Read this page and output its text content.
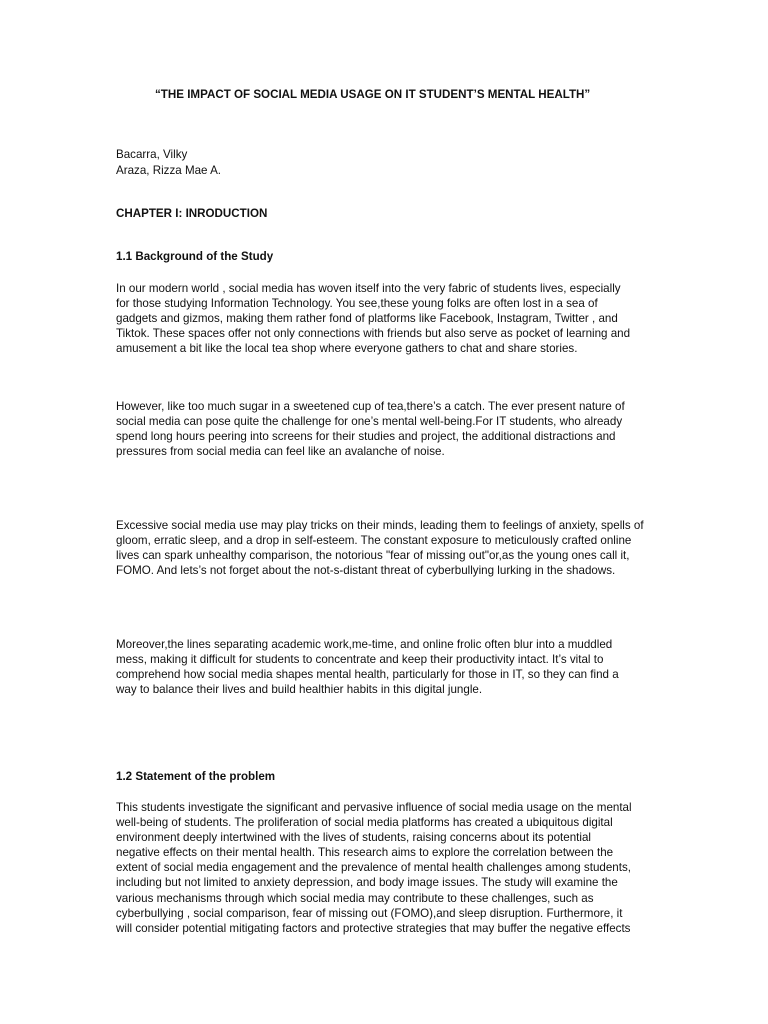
“THE IMPACT OF SOCIAL MEDIA USAGE ON IT STUDENT’S MENTAL HEALTH”
Bacarra, Vilky
Araza, Rizza Mae A.
CHAPTER I: INRODUCTION
1.1 Background of the Study
In our modern world , social media has woven itself into the very fabric of students lives, especially
for those studying Information Technology. You see,these young folks are often lost in a sea of
gadgets and gizmos, making them rather fond of platforms like Facebook, Instagram, Twitter , and
Tiktok. These spaces offer not only connections with friends but also serve as pocket of learning and
amusement a bit like the local tea shop where everyone gathers to chat and share stories.
However, like too much sugar in a sweetened cup of tea,there’s a catch. The ever present nature of
social media can pose quite the challenge for one’s mental well-being.For IT students, who already
spend long hours peering into screens for their studies and project, the additional distractions and
pressures from social media can feel like an avalanche of noise.
Excessive social media use may play tricks on their minds, leading them to feelings of anxiety, spells of
gloom, erratic sleep, and a drop in self-esteem. The constant exposure to meticulously crafted online
lives can spark unhealthy comparison, the notorious "fear of missing out"or,as the young ones call it,
FOMO. And lets’s not forget about the not-s-distant threat of cyberbullying lurking in the shadows.
Moreover,the lines separating academic work,me-time, and online frolic often blur into a muddled
mess, making it difficult for students to concentrate and keep their productivity intact. It’s vital to
comprehend how social media shapes mental health, particularly for those in IT, so they can find a
way to balance their lives and build healthier habits in this digital jungle.
1.2 Statement of the problem
This students investigate the significant and pervasive influence of social media usage on the mental
well-being of students. The proliferation of social media platforms has created a ubiquitous digital
environment deeply intertwined with the lives of students, raising concerns about its potential
negative effects on their mental health. This research aims to explore the correlation between the
extent of social media engagement and the prevalence of mental health challenges among students,
including but not limited to anxiety depression, and body image issues. The study will examine the
various mechanisms through which social media may contribute to these challenges, such as
cyberbullying , social comparison, fear of missing out (FOMO),and sleep disruption. Furthermore, it
will consider potential mitigating factors and protective strategies that may buffer the negative effects
